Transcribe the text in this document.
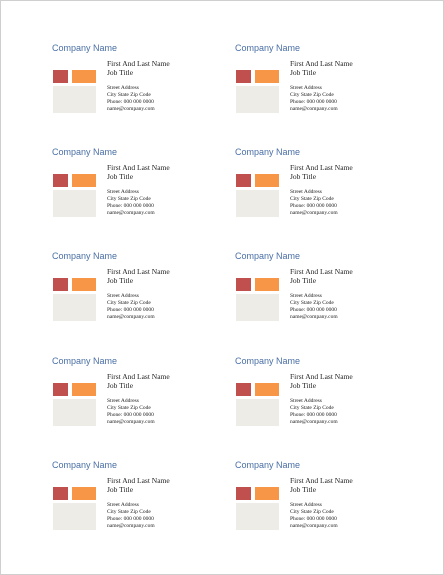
Company Name
First And Last Name
Job Title
Street Address
City State Zip Code
Phone: 000 000 0000
name@company.com
Company Name
First And Last Name
Job Title
Street Address
City State Zip Code
Phone: 000 000 0000
name@company.com
Company Name
First And Last Name
Job Title
Street Address
City State Zip Code
Phone: 000 000 0000
name@company.com
Company Name
First And Last Name
Job Title
Street Address
City State Zip Code
Phone: 000 000 0000
name@company.com
Company Name
First And Last Name
Job Title
Street Address
City State Zip Code
Phone: 000 000 0000
name@company.com
Company Name
First And Last Name
Job Title
Street Address
City State Zip Code
Phone: 000 000 0000
name@company.com
Company Name
First And Last Name
Job Title
Street Address
City State Zip Code
Phone: 000 000 0000
name@company.com
Company Name
First And Last Name
Job Title
Street Address
City State Zip Code
Phone: 000 000 0000
name@company.com
Company Name
First And Last Name
Job Title
Street Address
City State Zip Code
Phone: 000 000 0000
name@company.com
Company Name
First And Last Name
Job Title
Street Address
City State Zip Code
Phone: 000 000 0000
name@company.com
